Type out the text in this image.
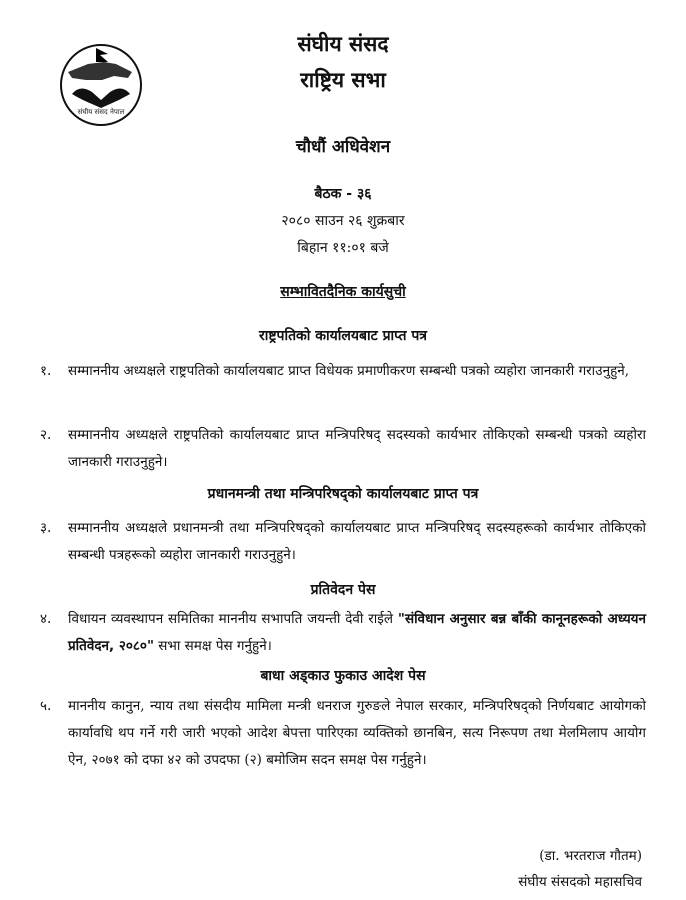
संघीय संसद नेपाल
संघीय संसद
राष्ट्रिय सभा
चौधौं अधिवेशन
बैठक - ३६
२०८० साउन २६ शुक्रबार
बिहान ११:०१ बजे
सम्भावितदैनिक कार्यसुची
राष्ट्रपतिको कार्यालयबाट प्राप्त पत्र
१.	सम्माननीय अध्यक्षले राष्ट्रपतिको कार्यालयबाट प्राप्त विधेयक प्रमाणीकरण सम्बन्धी पत्रको व्यहोरा जानकारी गराउनुहुने,
२.	सम्माननीय अध्यक्षले राष्ट्रपतिको कार्यालयबाट प्राप्त मन्त्रिपरिषद् सदस्यको कार्यभार तोकिएको सम्बन्धी पत्रको व्यहोरा जानकारी गराउनुहुने।
प्रधानमन्त्री तथा मन्त्रिपरिषद्को कार्यालयबाट प्राप्त पत्र
३.	सम्माननीय अध्यक्षले प्रधानमन्त्री तथा मन्त्रिपरिषद्को कार्यालयबाट प्राप्त मन्त्रिपरिषद् सदस्यहरूको कार्यभार तोकिएको सम्बन्धी पत्रहरूको व्यहोरा जानकारी गराउनुहुने।
प्रतिवेदन पेस
४.	विधायन व्यवस्थापन समितिका माननीय सभापति जयन्ती देवी राईले "संविधान अनुसार बन्न बाँकी कानूनहरूको अध्ययन प्रतिवेदन, २०८०" सभा समक्ष पेस गर्नुहुने।
बाधा अड्काउ फुकाउ आदेश पेस
५.	माननीय कानुन, न्याय तथा संसदीय मामिला मन्त्री धनराज गुरुङले नेपाल सरकार, मन्त्रिपरिषद्को निर्णयबाट आयोगको कार्यावधि थप गर्ने गरी जारी भएको आदेश बेपत्ता पारिएका व्यक्तिको छानबिन, सत्य निरूपण तथा मेलमिलाप आयोग ऐन, २०७१ को दफा ४२ को उपदफा (२) बमोजिम सदन समक्ष पेस गर्नुहुने।
(डा. भरतराज गौतम)
संघीय संसदको महासचिव
